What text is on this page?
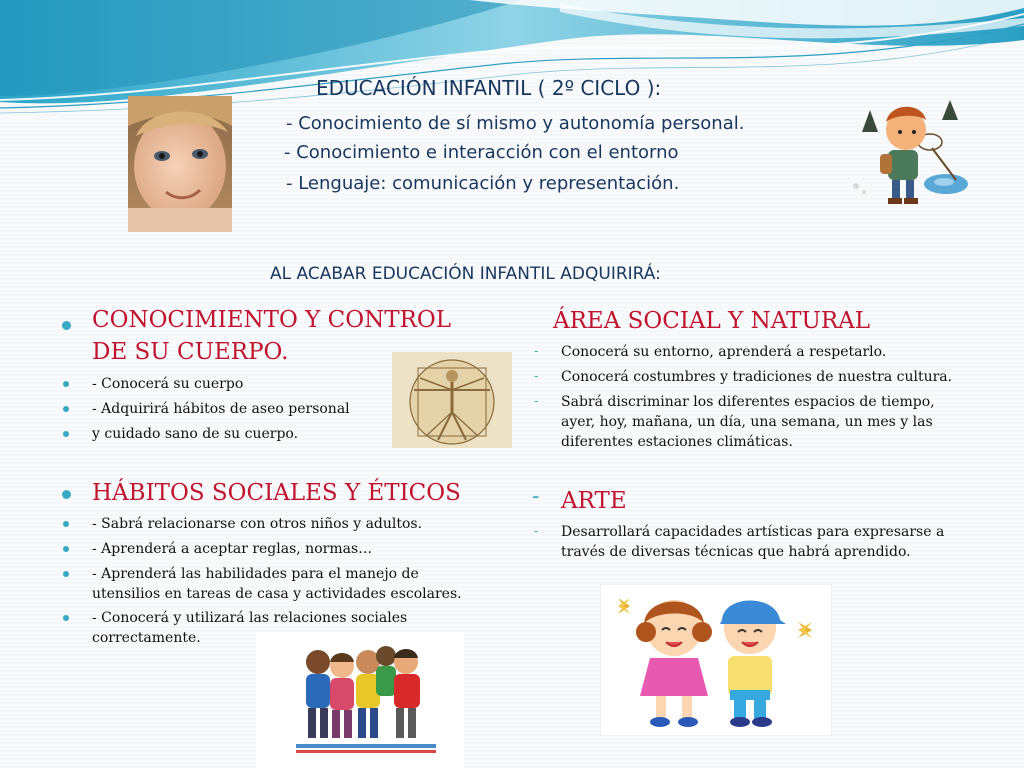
EDUCACIÓN INFANTIL ( 2º CICLO ):
- Conocimiento de sí mismo y autonomía personal.
- Conocimiento e interacción con el entorno
- Lenguaje: comunicación y representación.
AL ACABAR EDUCACIÓN INFANTIL ADQUIRIRÁ:
CONOCIMIENTO Y CONTROL
DE SU CUERPO.
- Conocerá su cuerpo
- Adquirirá hábitos de aseo personal
y cuidado sano de su cuerpo.
HÁBITOS SOCIALES Y ÉTICOS
- Sabrá relacionarse con otros niños y adultos.
- Aprenderá a aceptar reglas, normas…
- Aprenderá las habilidades para el manejo de
utensilios en tareas de casa y actividades escolares.
- Conocerá y utilizará las relaciones sociales
correctamente.
ÁREA SOCIAL Y NATURAL
- Conocerá su entorno, aprenderá a respetarlo.
- Conocerá costumbres y tradiciones de nuestra cultura.
- Sabrá discriminar los diferentes espacios de tiempo,
ayer, hoy, mañana, un día, una semana, un mes y las
diferentes estaciones climáticas.
- ARTE
- Desarrollará capacidades artísticas para expresarse a
través de diversas técnicas que habrá aprendido.
